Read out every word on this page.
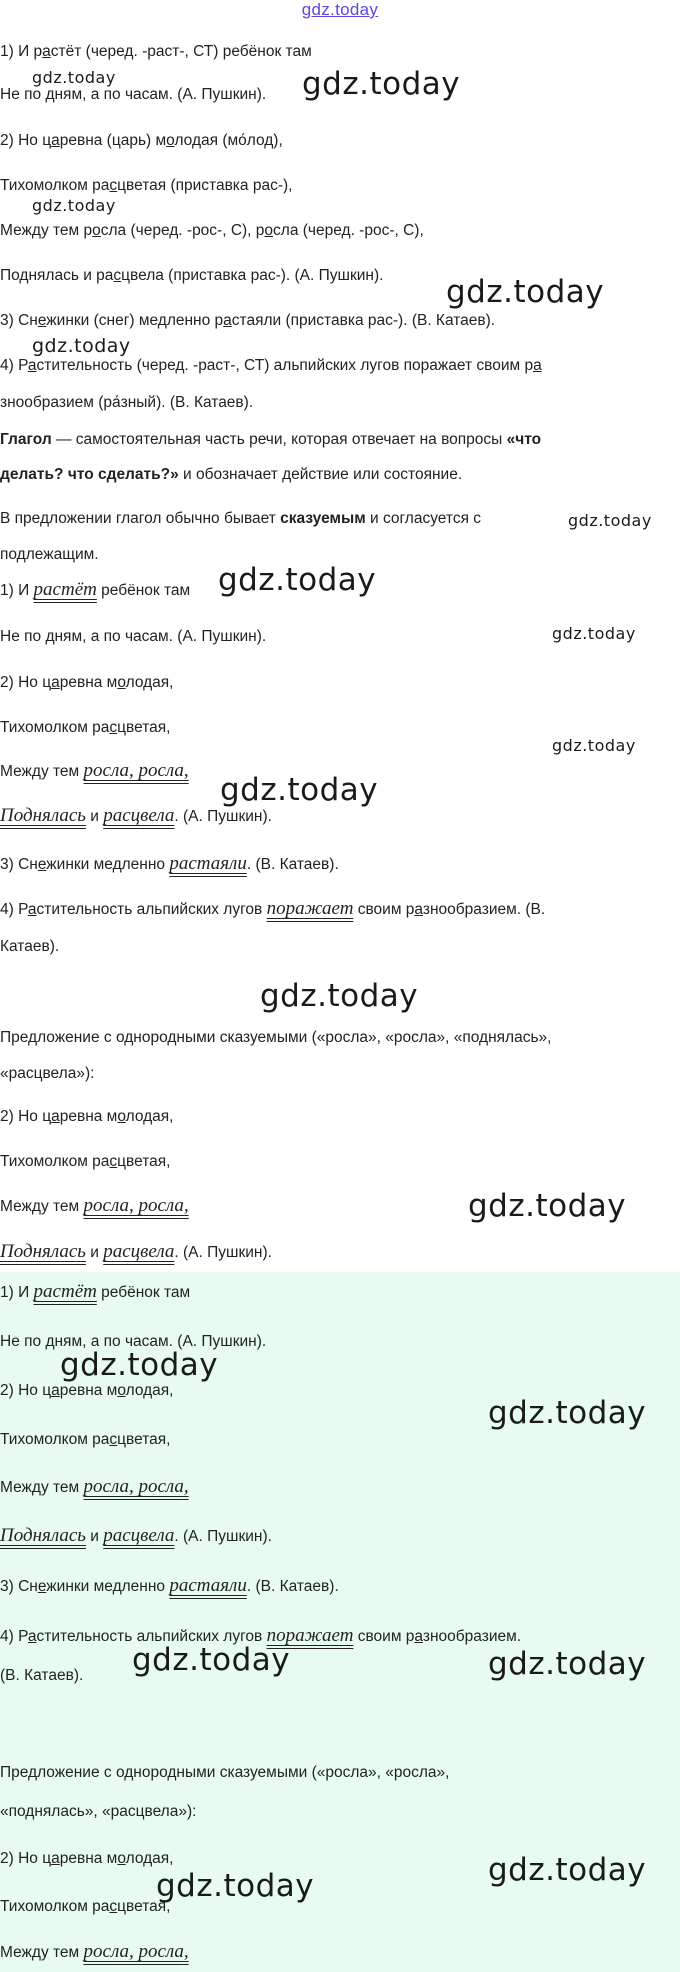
gdz.today
1) И растёт (черед. -раст-, СТ) ребёнок там
Не по дням, а по часам. (А. Пушкин).
2) Но царевна (царь) молодая (мо́лод),
Тихомолком расцветая (приставка рас-),
Между тем росла (черед. -рос-, С), росла (черед. -рос-, С),
Поднялась и расцвела (приставка рас-). (А. Пушкин).
3) Снежинки (снег) медленно растаяли (приставка рас-). (В. Катаев).
4) Растительность (черед. -раст-, СТ) альпийских лугов поражает своим ра
знообразием (ра́зный). (В. Катаев).
Глагол — самостоятельная часть речи, которая отвечает на вопросы «что
делать? что сделать?» и обозначает действие или состояние.
В предложении глагол обычно бывает сказуемым и согласуется с
подлежащим.
1) И растёт ребёнок там
Не по дням, а по часам. (А. Пушкин).
2) Но царевна молодая,
Тихомолком расцветая,
Между тем росла, росла,
Поднялась и расцвела. (А. Пушкин).
3) Снежинки медленно растаяли. (В. Катаев).
4) Растительность альпийских лугов поражает своим разнообразием. (В.
Катаев).
Предложение с однородными сказуемыми («росла», «росла», «поднялась»,
«расцвела»):
2) Но царевна молодая,
Тихомолком расцветая,
Между тем росла, росла,
Поднялась и расцвела. (А. Пушкин).
1) И растёт ребёнок там
Не по дням, а по часам. (А. Пушкин).
2) Но царевна молодая,
Тихомолком расцветая,
Между тем росла, росла,
Поднялась и расцвела. (А. Пушкин).
3) Снежинки медленно растаяли. (В. Катаев).
4) Растительность альпийских лугов поражает своим разнообразием.
(В. Катаев).
Предложение с однородными сказуемыми («росла», «росла»,
«поднялась», «расцвела»):
2) Но царевна молодая,
Тихомолком расцветая,
Между тем росла, росла,
gdz.today	gdz.today
gdz.today
gdz.today
gdz.today
gdz.today
gdz.today
gdz.today
gdz.today
gdz.today
gdz.today
gdz.today
gdz.today
gdz.today
gdz.today	gdz.today
gdz.today
gdz.today
